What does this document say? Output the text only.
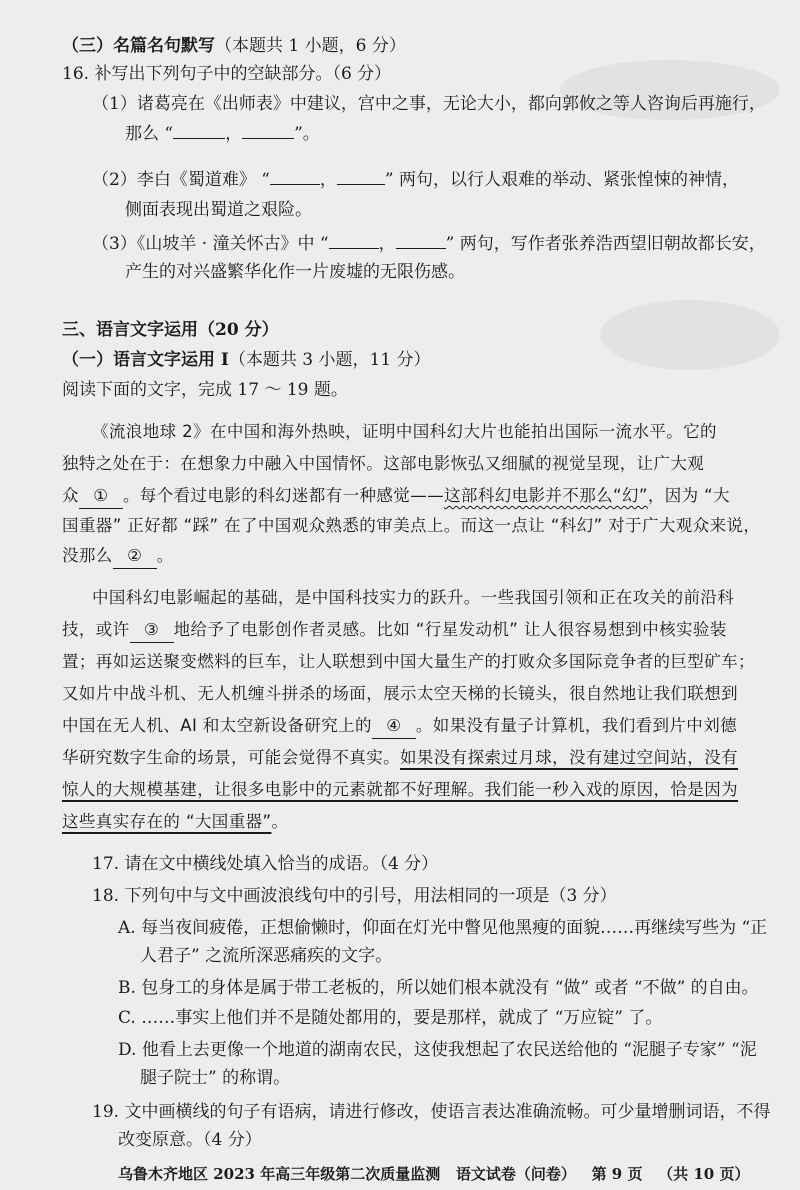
（三）名篇名句默写（本题共 1 小题，6 分）
16. 补写出下列句子中的空缺部分。（6 分）
（1）诸葛亮在《出师表》中建议，宫中之事，无论大小，都向郭攸之等人咨询后再施行，
那么 “	，	”。
（2）李白《蜀道难》 “	，	” 两句，以行人艰难的举动、紧张惶悚的神情，
侧面表现出蜀道之艰险。
（3）《山坡羊 · 潼关怀古》中 “	，	” 两句，写作者张养浩西望旧朝故都长安，
产生的对兴盛繁华化作一片废墟的无限伤感。
三、语言文字运用（20 分）
（一）语言文字运用 Ⅰ（本题共 3 小题，11 分）
阅读下面的文字，完成 17 ～ 19 题。
《流浪地球 2》在中国和海外热映，证明中国科幻大片也能拍出国际一流水平。它的
独特之处在于：在想象力中融入中国情怀。这部电影恢弘又细腻的视觉呈现，让广大观
众 ① 。每个看过电影的科幻迷都有一种感觉——这部科幻电影并不那么“幻”，因为 “大
国重器” 正好都 “踩” 在了中国观众熟悉的审美点上。而这一点让 “科幻” 对于广大观众来说，
没那么 ② 。
中国科幻电影崛起的基础，是中国科技实力的跃升。一些我国引领和正在攻关的前沿科
技，或许 ③ 地给予了电影创作者灵感。比如 “行星发动机” 让人很容易想到中核实验装
置；再如运送聚变燃料的巨车，让人联想到中国大量生产的打败众多国际竞争者的巨型矿车；
又如片中战斗机、无人机缠斗拼杀的场面，展示太空天梯的长镜头，很自然地让我们联想到
中国在无人机、AI 和太空新设备研究上的 ④ 。如果没有量子计算机，我们看到片中刘德
华研究数字生命的场景，可能会觉得不真实。如果没有探索过月球，没有建过空间站，没有
惊人的大规模基建，让很多电影中的元素就都不好理解。我们能一秒入戏的原因，恰是因为
这些真实存在的 “大国重器”。
17. 请在文中横线处填入恰当的成语。（4 分）
18. 下列句中与文中画波浪线句中的引号，用法相同的一项是（3 分）
A. 每当夜间疲倦，正想偷懒时，仰面在灯光中瞥见他黑瘦的面貌……再继续写些为 “正
人君子” 之流所深恶痛疾的文字。
B. 包身工的身体是属于带工老板的，所以她们根本就没有 “做” 或者 “不做” 的自由。
C. ……事实上他们并不是随处都用的，要是那样，就成了 “万应锭” 了。
D. 他看上去更像一个地道的湖南农民，这使我想起了农民送给他的 “泥腿子专家” “泥
腿子院士” 的称谓。
19. 文中画横线的句子有语病，请进行修改，使语言表达准确流畅。可少量增删词语，不得
改变原意。（4 分）
乌鲁木齐地区 2023 年高三年级第二次质量监测 语文试卷（问卷） 第 9 页 （共 10 页）
